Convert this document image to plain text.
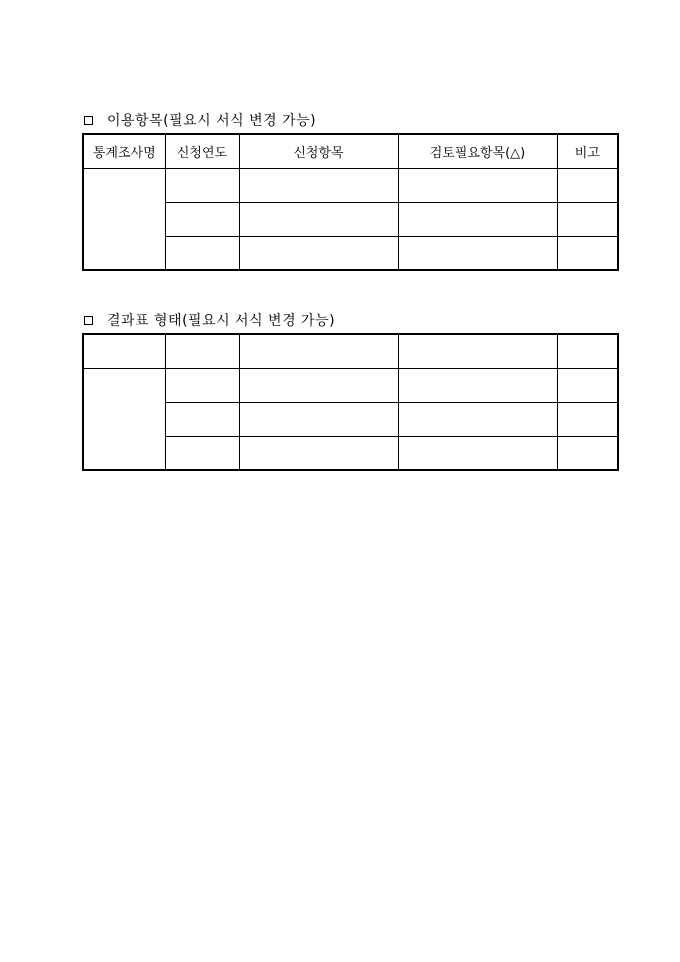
이용항목(필요시 서식 변경 가능)
통계조사명	신청연도	신청항목	검토필요항목(△)	비고

결과표 형태(필요시 서식 변경 가능)
